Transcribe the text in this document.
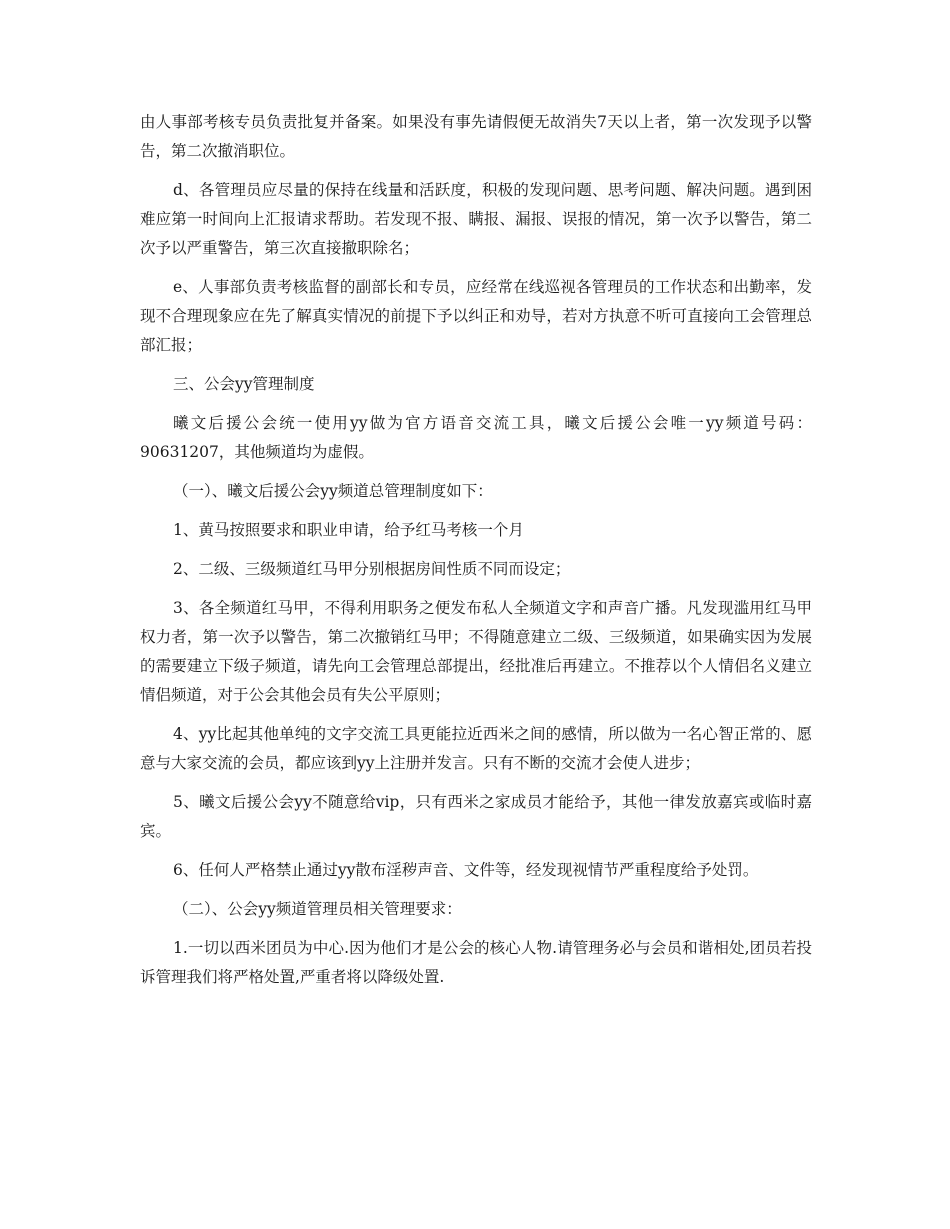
由人事部考核专员负责批复并备案。如果没有事先请假便无故消失7天以上者，第一次发现予以警告，第二次撤消职位。

d、各管理员应尽量的保持在线量和活跃度，积极的发现问题、思考问题、解决问题。遇到困难应第一时间向上汇报请求帮助。若发现不报、瞒报、漏报、误报的情况，第一次予以警告，第二次予以严重警告，第三次直接撤职除名；

e、人事部负责考核监督的副部长和专员，应经常在线巡视各管理员的工作状态和出勤率，发现不合理现象应在先了解真实情况的前提下予以纠正和劝导，若对方执意不听可直接向工会管理总部汇报；

三、公会yy管理制度

曦文后援公会统一使用yy做为官方语音交流工具，曦文后援公会唯一yy频道号码：90631207，其他频道均为虚假。

（一）、曦文后援公会yy频道总管理制度如下：

1、黄马按照要求和职业申请，给予红马考核一个月

2、二级、三级频道红马甲分别根据房间性质不同而设定；

3、各全频道红马甲，不得利用职务之便发布私人全频道文字和声音广播。凡发现滥用红马甲权力者，第一次予以警告，第二次撤销红马甲；不得随意建立二级、三级频道，如果确实因为发展的需要建立下级子频道，请先向工会管理总部提出，经批准后再建立。不推荐以个人情侣名义建立情侣频道，对于公会其他会员有失公平原则；

4、yy比起其他单纯的文字交流工具更能拉近西米之间的感情，所以做为一名心智正常的、愿意与大家交流的会员，都应该到yy上注册并发言。只有不断的交流才会使人进步；

5、曦文后援公会yy不随意给vip，只有西米之家成员才能给予，其他一律发放嘉宾或临时嘉宾。

6、任何人严格禁止通过yy散布淫秽声音、文件等，经发现视情节严重程度给予处罚。

（二）、公会yy频道管理员相关管理要求：

1.一切以西米团员为中心.因为他们才是公会的核心人物.请管理务必与会员和谐相处,团员若投诉管理我们将严格处置,严重者将以降级处置.
